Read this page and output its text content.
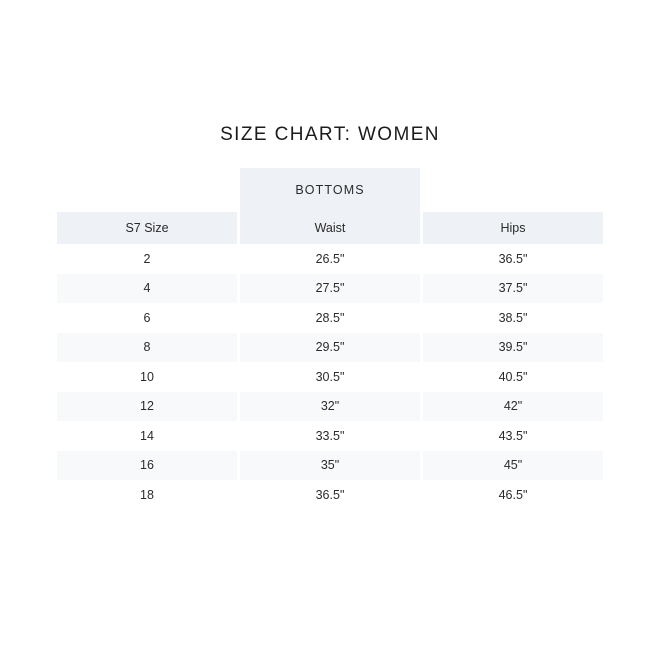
SIZE CHART: WOMEN
		BOTTOMS		
S7 Size		Waist		Hips
2		26.5"		36.5"
4		27.5"		37.5"
6		28.5"		38.5"
8		29.5"		39.5"
10		30.5"		40.5"
12		32"		42"
14		33.5"		43.5"
16		35"		45"
18		36.5"		46.5"
